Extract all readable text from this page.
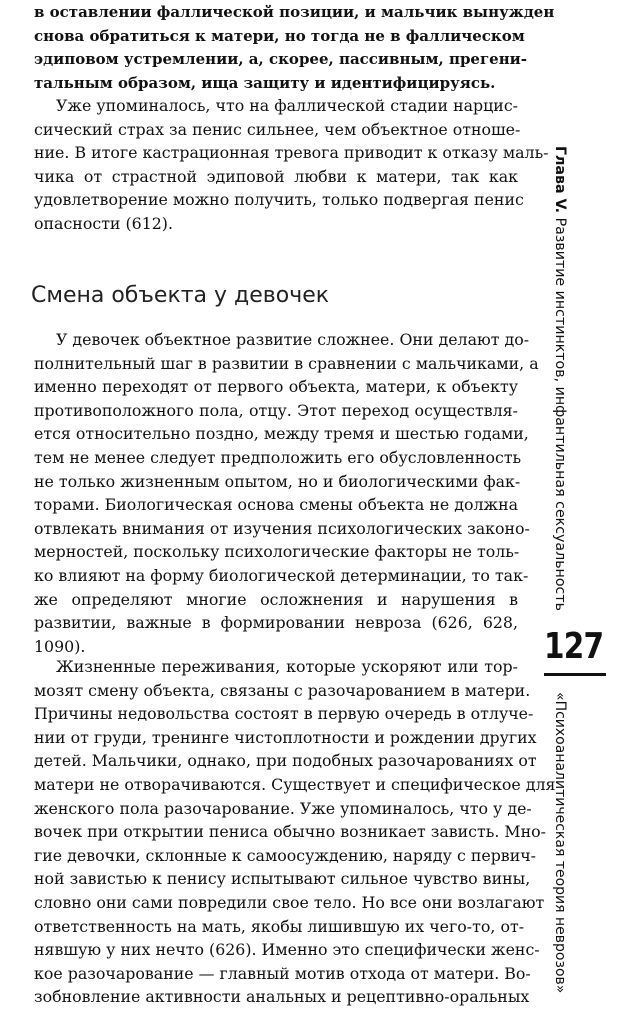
в оставлении фаллической позиции, и мальчик вынужден
снова обратиться к матери, но тогда не в фаллическом
эдиповом устремлении, а, скорее, пассивным, прегени-
тальным образом, ища защиту и идентифицируясь.
Уже упоминалось, что на фаллической стадии нарцис-
сический страх за пенис сильнее, чем объектное отноше-
ние. В итоге кастрационная тревога приводит к отказу маль-
чика от страстной эдиповой любви к матери, так как
удовлетворение можно получить, только подвергая пенис
опасности (612).
Смена объекта у девочек
У девочек объектное развитие сложнее. Они делают до-
полнительный шаг в развитии в сравнении с мальчиками, а
именно переходят от первого объекта, матери, к объекту
противоположного пола, отцу. Этот переход осуществля-
ется относительно поздно, между тремя и шестью годами,
тем не менее следует предположить его обусловленность
не только жизненным опытом, но и биологическими фак-
торами. Биологическая основа смены объекта не должна
отвлекать внимания от изучения психологических законо-
мерностей, поскольку психологические факторы не толь-
ко влияют на форму биологической детерминации, то так-
же определяют многие осложнения и нарушения в
развитии, важные в формировании невроза (626, 628,
1090).
Жизненные переживания, которые ускоряют или тор-
мозят смену объекта, связаны с разочарованием в матери.
Причины недовольства состоят в первую очередь в отлуче-
нии от груди, тренинге чистоплотности и рождении других
детей. Мальчики, однако, при подобных разочарованиях от
матери не отворачиваются. Существует и специфическое для
женского пола разочарование. Уже упоминалось, что у де-
вочек при открытии пениса обычно возникает зависть. Мно-
гие девочки, склонные к самоосуждению, наряду с первич-
ной завистью к пенису испытывают сильное чувство вины,
словно они сами повредили свое тело. Но все они возлагают
ответственность на мать, якобы лишившую их чего-то, от-
нявшую у них нечто (626). Именно это специфически женс-
кое разочарование — главный мотив отхода от матери. Во-
зобновление активности анальных и рецептивно-оральных
Глава V. Развитие инстинктов, инфантильная сексуальность
127
«Психоаналитическая теория неврозов»
